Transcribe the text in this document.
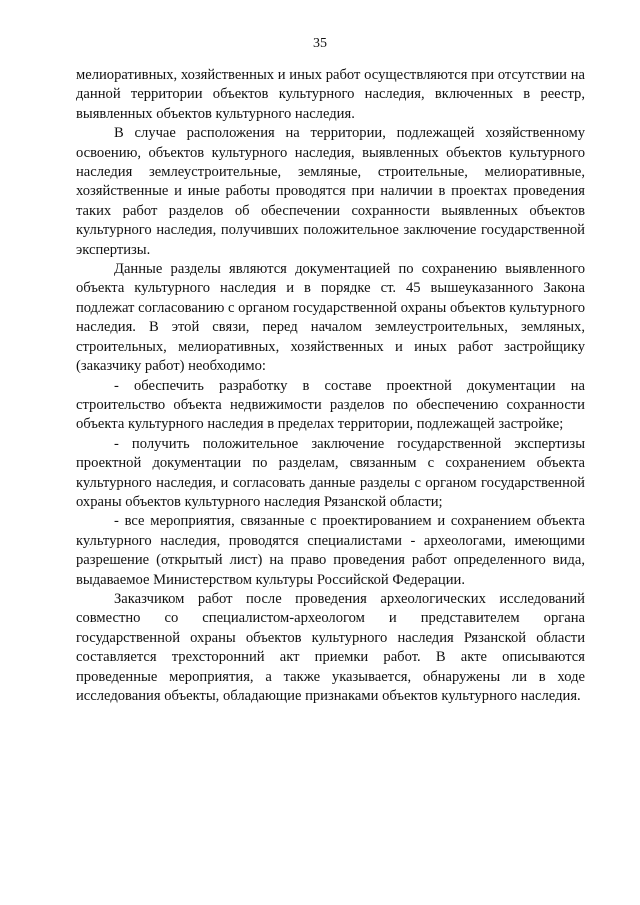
35

мелиоративных, хозяйственных и иных работ осуществляются при отсутствии на данной территории объектов культурного наследия, включенных в реестр, выявленных объектов культурного наследия.

В случае расположения на территории, подлежащей хозяйственному освоению, объектов культурного наследия, выявленных объектов культурного наследия землеустроительные, земляные, строительные, мелиоративные, хозяйственные и иные работы проводятся при наличии в проектах проведения таких работ разделов об обеспечении сохранности выявленных объектов культурного наследия, получивших положительное заключение государственной экспертизы.

Данные разделы являются документацией по сохранению выявленного объекта культурного наследия и в порядке ст. 45 вышеуказанного Закона подлежат согласованию с органом государственной охраны объектов культурного наследия. В этой связи, перед началом землеустроительных, земляных, строительных, мелиоративных, хозяйственных и иных работ застройщику (заказчику работ) необходимо:

- обеспечить разработку в составе проектной документации на строительство объекта недвижимости разделов по обеспечению сохранности объекта культурного наследия в пределах территории, подлежащей застройке;

- получить положительное заключение государственной экспертизы проектной документации по разделам, связанным с сохранением объекта культурного наследия, и согласовать данные разделы с органом государственной охраны объектов культурного наследия Рязанской области;

- все мероприятия, связанные с проектированием и сохранением объекта культурного наследия, проводятся специалистами - археологами, имеющими разрешение (открытый лист) на право проведения работ определенного вида, выдаваемое Министерством культуры Российской Федерации.

Заказчиком работ после проведения археологических исследований совместно со специалистом-археологом и представителем органа государственной охраны объектов культурного наследия Рязанской области составляется трехсторонний акт приемки работ. В акте описываются проведенные мероприятия, а также указывается, обнаружены ли в ходе исследования объекты, обладающие признаками объектов культурного наследия.
